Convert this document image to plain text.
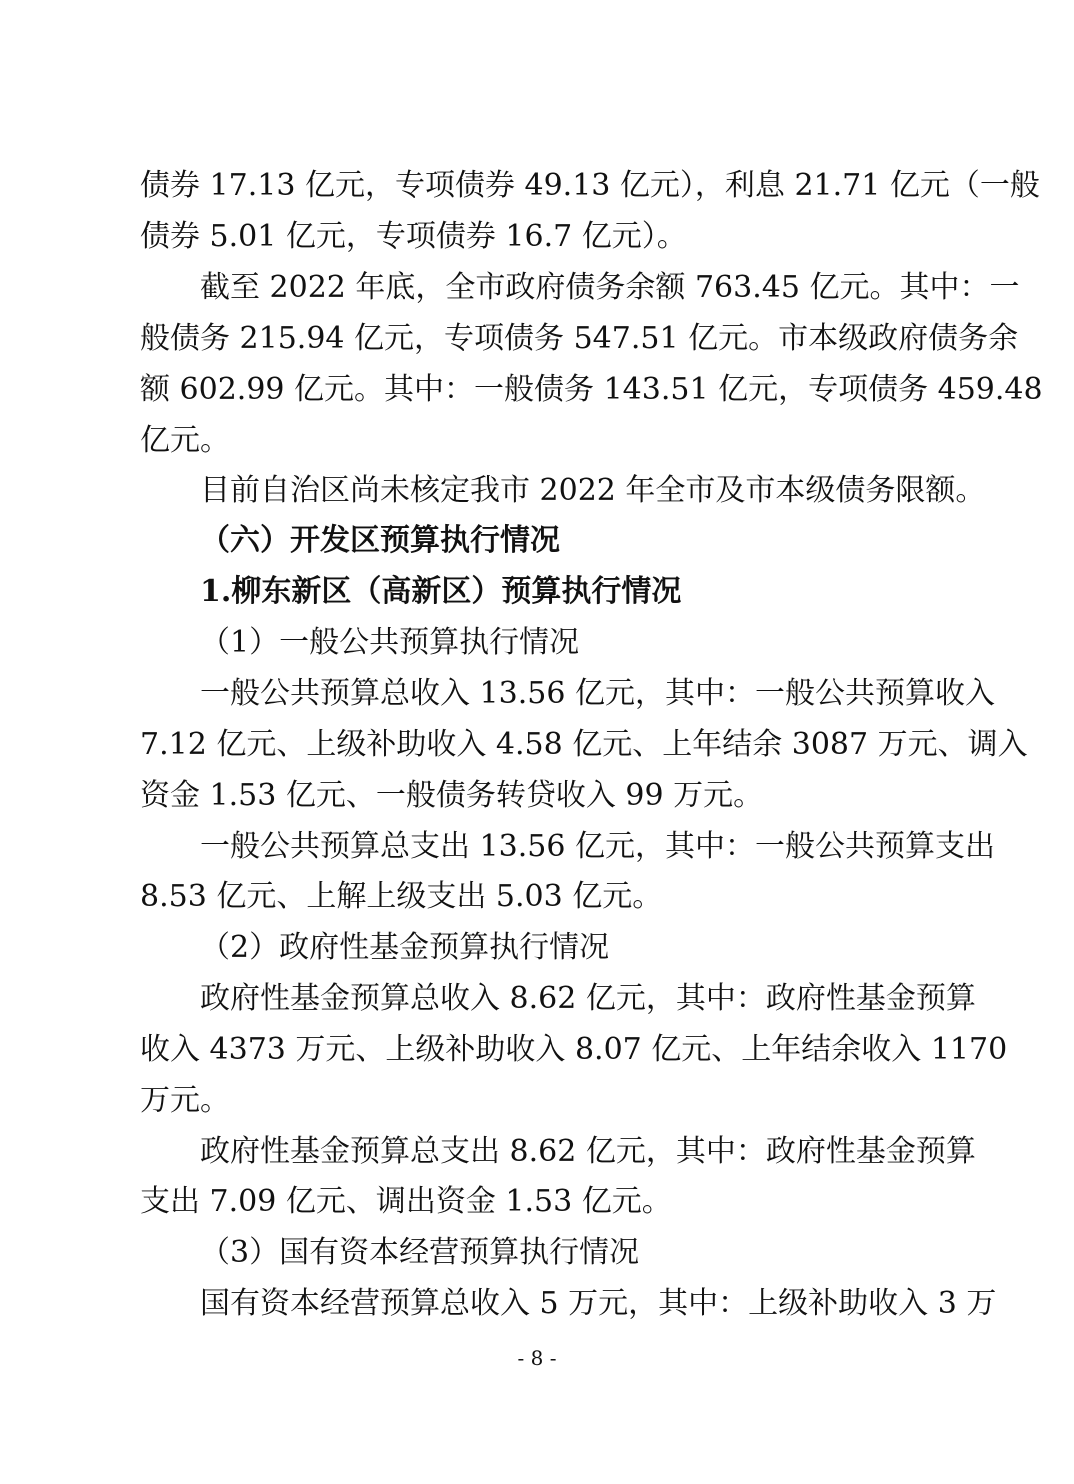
债券 17.13 亿元，专项债券 49.13 亿元），利息 21.71 亿元（一般
债券 5.01 亿元，专项债券 16.7 亿元）。
截至 2022 年底，全市政府债务余额 763.45 亿元。其中：一
般债务 215.94 亿元，专项债务 547.51 亿元。市本级政府债务余
额 602.99 亿元。其中：一般债务 143.51 亿元，专项债务 459.48
亿元。
目前自治区尚未核定我市 2022 年全市及市本级债务限额。
（六）开发区预算执行情况
1.柳东新区（高新区）预算执行情况
（1）一般公共预算执行情况
一般公共预算总收入 13.56 亿元，其中：一般公共预算收入
7.12 亿元、上级补助收入 4.58 亿元、上年结余 3087 万元、调入
资金 1.53 亿元、一般债务转贷收入 99 万元。
一般公共预算总支出 13.56 亿元，其中：一般公共预算支出
8.53 亿元、上解上级支出 5.03 亿元。
（2）政府性基金预算执行情况
政府性基金预算总收入 8.62 亿元，其中：政府性基金预算
收入 4373 万元、上级补助收入 8.07 亿元、上年结余收入 1170
万元。
政府性基金预算总支出 8.62 亿元，其中：政府性基金预算
支出 7.09 亿元、调出资金 1.53 亿元。
（3）国有资本经营预算执行情况
国有资本经营预算总收入 5 万元，其中：上级补助收入 3 万
- 8 -
